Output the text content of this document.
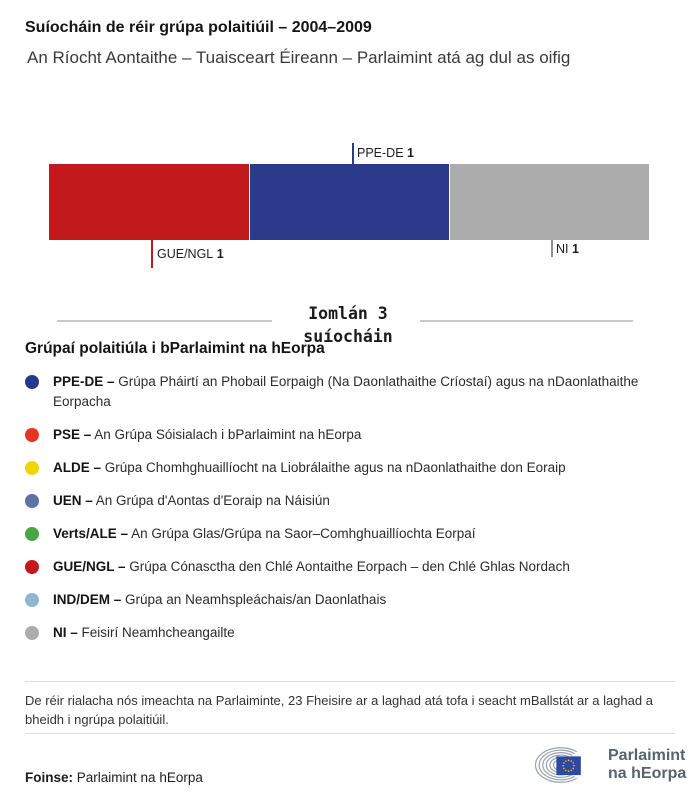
Suíocháin de réir grúpa polaitiúil – 2004–2009
An Ríocht Aontaithe – Tuaisceart Éireann – Parlaimint atá ag dul as oifig
PPE-DE 1
GUE/NGL 1	NI 1
Iomlán 3
suíocháin
Grúpaí polaitiúla i bParlaimint na hEorpa
PPE-DE – Grúpa Pháirtí an Phobail Eorpaigh (Na Daonlathaithe Críostaí) agus na nDaonlathaithe Eorpacha
PSE – An Grúpa Sóisialach i bParlaimint na hEorpa
ALDE – Grúpa Chomhghuaillíocht na Liobrálaithe agus na nDaonlathaithe don Eoraip
UEN – An Grúpa d'Aontas d'Eoraip na Náisiún
Verts/ALE – An Grúpa Glas/Grúpa na Saor–Comhghuaillíochta Eorpaí
GUE/NGL – Grúpa Cónasctha den Chlé Aontaithe Eorpach – den Chlé Ghlas Nordach
IND/DEM – Grúpa an Neamhspleáchais/an Daonlathais
NI – Feisirí Neamhcheangailte
De réir rialacha nós imeachta na Parlaiminte, 23 Fheisire ar a laghad atá tofa i seacht mBallstát ar a laghad a bheidh i ngrúpa polaitiúil.
Foinse: Parlaimint na hEorpa
Parlaimint
na hEorpa
